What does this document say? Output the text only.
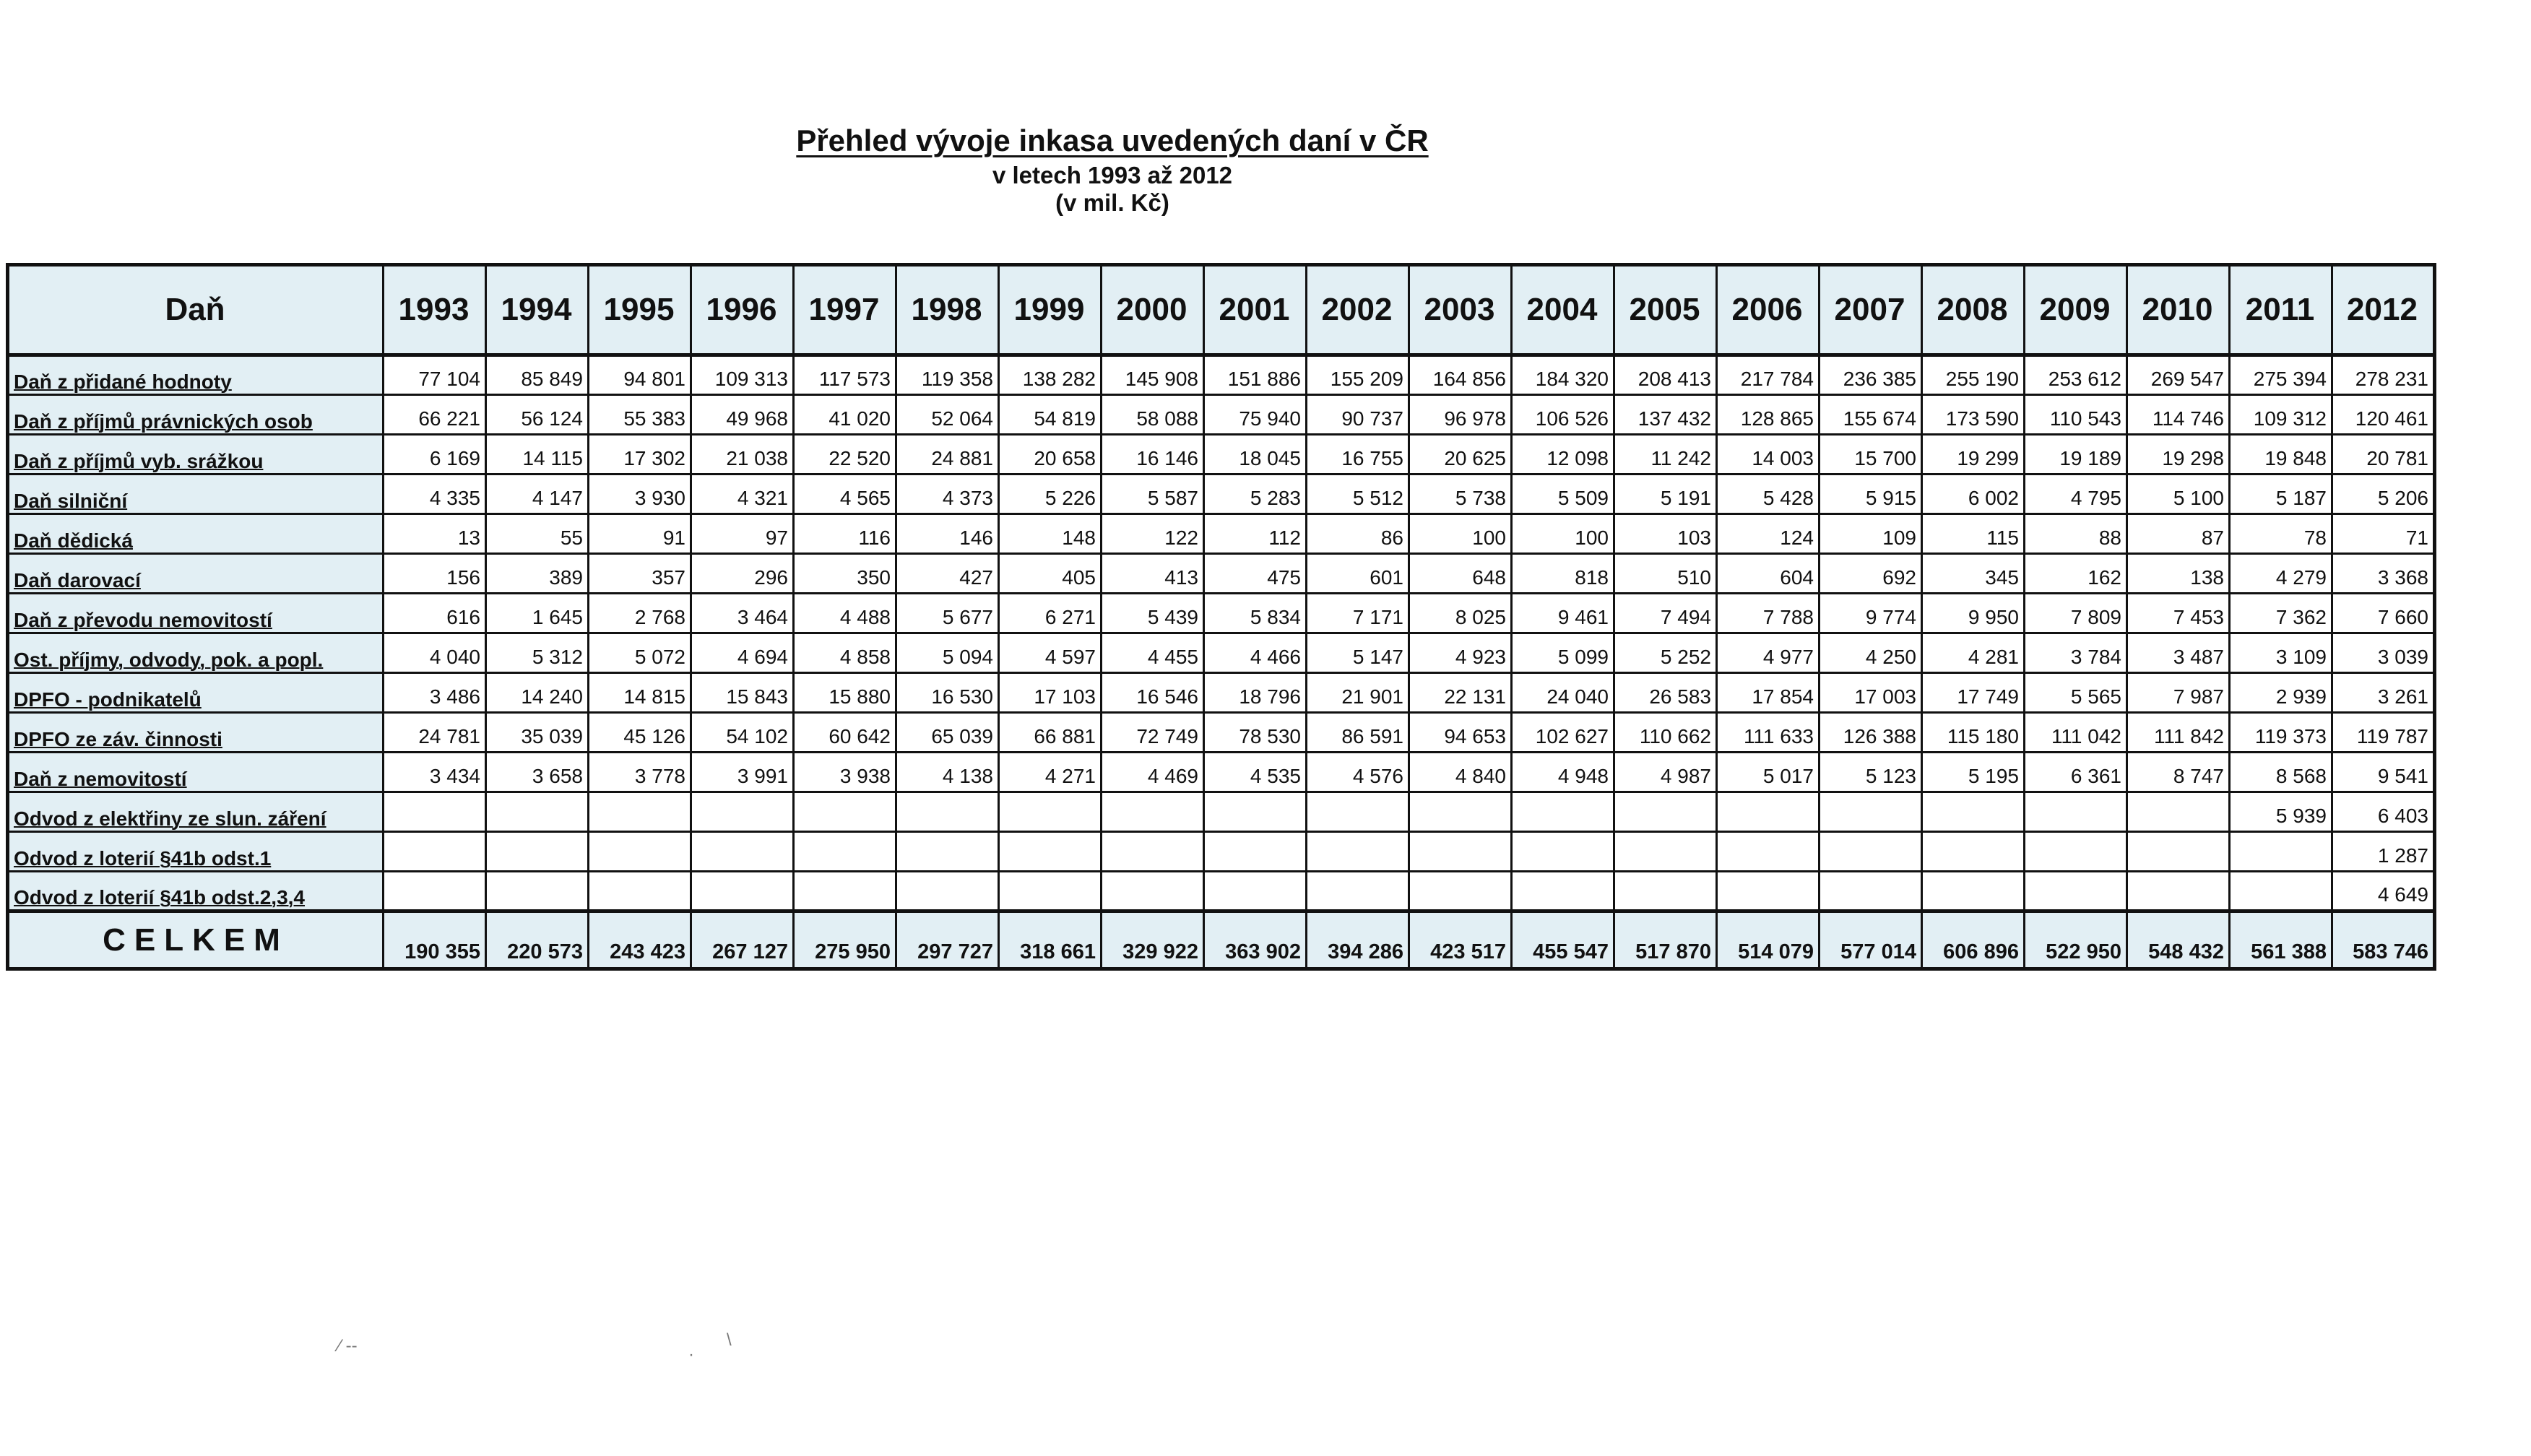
Přehled vývoje inkasa uvedených daní v ČR
v letech 1993 až 2012
(v mil. Kč)
Daň	1993	1994	1995	1996	1997	1998	1999	2000	2001	2002	2003	2004	2005	2006	2007	2008	2009	2010	2011	2012
Daň z přidané hodnoty	77 104	85 849	94 801	109 313	117 573	119 358	138 282	145 908	151 886	155 209	164 856	184 320	208 413	217 784	236 385	255 190	253 612	269 547	275 394	278 231
Daň z příjmů právnických osob	66 221	56 124	55 383	49 968	41 020	52 064	54 819	58 088	75 940	90 737	96 978	106 526	137 432	128 865	155 674	173 590	110 543	114 746	109 312	120 461
Daň z příjmů vyb. srážkou	6 169	14 115	17 302	21 038	22 520	24 881	20 658	16 146	18 045	16 755	20 625	12 098	11 242	14 003	15 700	19 299	19 189	19 298	19 848	20 781
Daň silniční	4 335	4 147	3 930	4 321	4 565	4 373	5 226	5 587	5 283	5 512	5 738	5 509	5 191	5 428	5 915	6 002	4 795	5 100	5 187	5 206
Daň dědická	13	55	91	97	116	146	148	122	112	86	100	100	103	124	109	115	88	87	78	71
Daň darovací	156	389	357	296	350	427	405	413	475	601	648	818	510	604	692	345	162	138	4 279	3 368
Daň z převodu nemovitostí	616	1 645	2 768	3 464	4 488	5 677	6 271	5 439	5 834	7 171	8 025	9 461	7 494	7 788	9 774	9 950	7 809	7 453	7 362	7 660
Ost. příjmy, odvody, pok. a popl.	4 040	5 312	5 072	4 694	4 858	5 094	4 597	4 455	4 466	5 147	4 923	5 099	5 252	4 977	4 250	4 281	3 784	3 487	3 109	3 039
DPFO - podnikatelů	3 486	14 240	14 815	15 843	15 880	16 530	17 103	16 546	18 796	21 901	22 131	24 040	26 583	17 854	17 003	17 749	5 565	7 987	2 939	3 261
DPFO ze záv. činnosti	24 781	35 039	45 126	54 102	60 642	65 039	66 881	72 749	78 530	86 591	94 653	102 627	110 662	111 633	126 388	115 180	111 042	111 842	119 373	119 787
Daň z nemovitostí	3 434	3 658	3 778	3 991	3 938	4 138	4 271	4 469	4 535	4 576	4 840	4 948	4 987	5 017	5 123	5 195	6 361	8 747	8 568	9 541
Odvod z elektřiny ze slun. záření																			5 939	6 403
Odvod z loterií §41b odst.1																				1 287
Odvod z loterií §41b odst.2,3,4																				4 649
CELKEM	190 355	220 573	243 423	267 127	275 950	297 727	318 661	329 922	363 902	394 286	423 517	455 547	517 870	514 079	577 014	606 896	522 950	548 432	561 388	583 746
⁄ ‐‐	\
·
